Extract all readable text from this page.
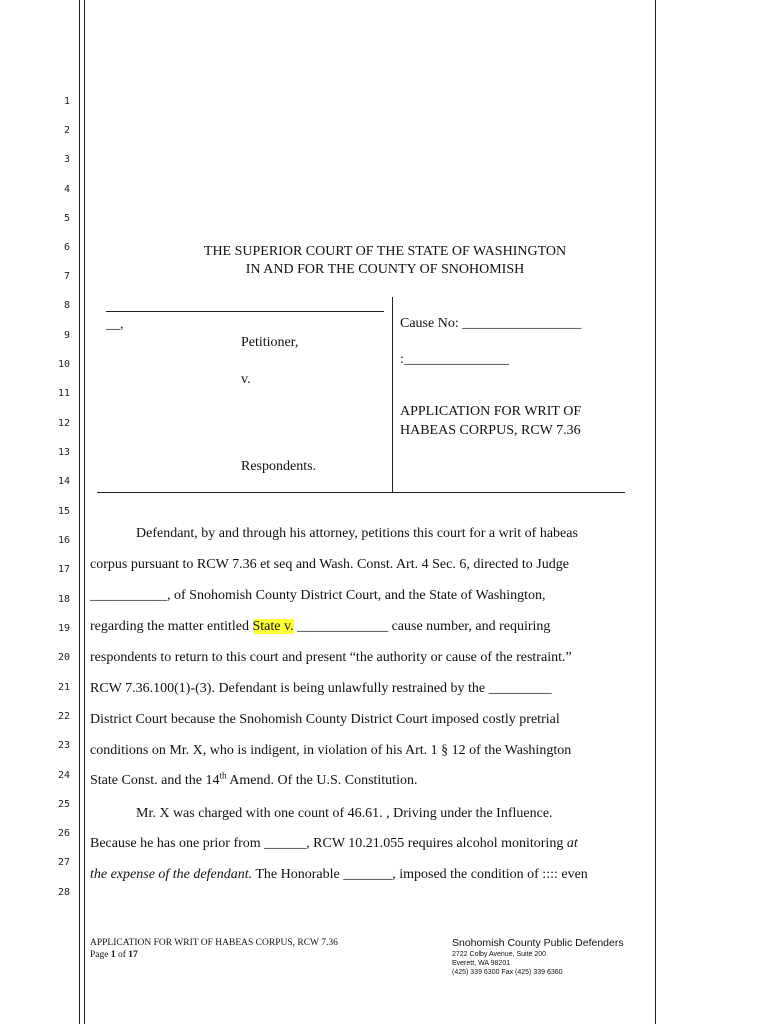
1
2
3
4
5
6
7
8
9
10
11
12
13
14
15
16
17
18
19
20
21
22
23
24
25
26
27
28
THE SUPERIOR COURT OF THE STATE OF WASHINGTON
IN AND FOR THE COUNTY OF SNOHOMISH
__,
Petitioner,
v.
Respondents.
Cause No: _________________
:_______________
APPLICATION FOR WRIT OF
HABEAS CORPUS, RCW 7.36
Defendant, by and through his attorney, petitions this court for a writ of habeas
corpus pursuant to RCW 7.36 et seq and Wash. Const. Art. 4 Sec. 6, directed to Judge
___________, of Snohomish County District Court, and the State of Washington,
regarding the matter entitled State v. _____________ cause number, and requiring
respondents to return to this court and present “the authority or cause of the restraint.”
RCW 7.36.100(1)-(3). Defendant is being unlawfully restrained by the _________
District Court because the Snohomish County District Court imposed costly pretrial
conditions on Mr. X, who is indigent, in violation of his Art. 1 § 12 of the Washington
State Const. and the 14th Amend. Of the U.S. Constitution.
Mr. X was charged with one count of 46.61. , Driving under the Influence.
Because he has one prior from ______, RCW 10.21.055 requires alcohol monitoring at
the expense of the defendant. The Honorable _______, imposed the condition of :::: even
APPLICATION FOR WRIT OF HABEAS CORPUS, RCW 7.36
Page 1 of 17
Snohomish County Public Defenders
2722 Colby Avenue, Suite 200
Everett, WA 98201
(425) 339 6300 Fax (425) 339 6360
